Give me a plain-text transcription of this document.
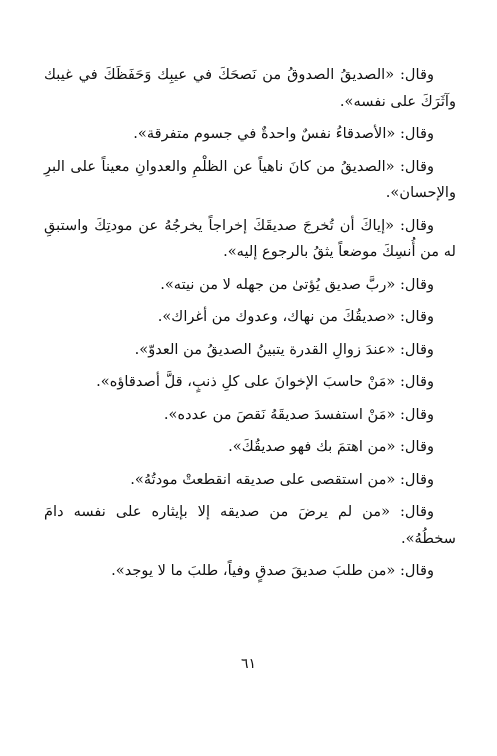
وقال: «الصديقُ الصدوقُ من نَصحَكَ في عيبِك وَحَفَظَكَ في غيبك وآثَرَكَ على نفسه».

وقال: «الأصدقاءُ نفسٌ واحدةٌ في جسوم متفرقة».

وقال: «الصديقُ من كانَ ناهياً عن الظلْمِ والعدوانِ معيناً على البرِ والإحسان».

وقال: «إياكَ أن تُخرجَ صديقَكَ إخراجاً يخرجُهُ عن مودتِكَ واستبقِ له من أُنسِكَ موضعاً يثقُ بالرجوع إليه».

وقال: «ربَّ صديق يُؤتىٰ من جهله لا من نيته».

وقال: «صديقُكَ من نهاك، وعدوك من أغراك».

وقال: «عندَ زوالِ القدرة يتبينُ الصديقُ من العدوّ».

وقال: «مَنْ حاسبَ الإخوانَ على كلِ ذنبٍ، قلَّ أصدقاؤه».

وقال: «مَنْ استفسدَ صديقَهُ نَقصَ من عدده».

وقال: «من اهتمَ بك فهو صديقُكَ».

وقال: «من استقصى على صديقه انقطعتْ مودتُهُ».

وقال: «من لم يرضَ من صديقه إلا بإيثاره على نفسه دامَ سخطُهُ».

وقال: «من طلبَ صديقَ صدقٍ وفياً، طلبَ ما لا يوجد».

٦١
